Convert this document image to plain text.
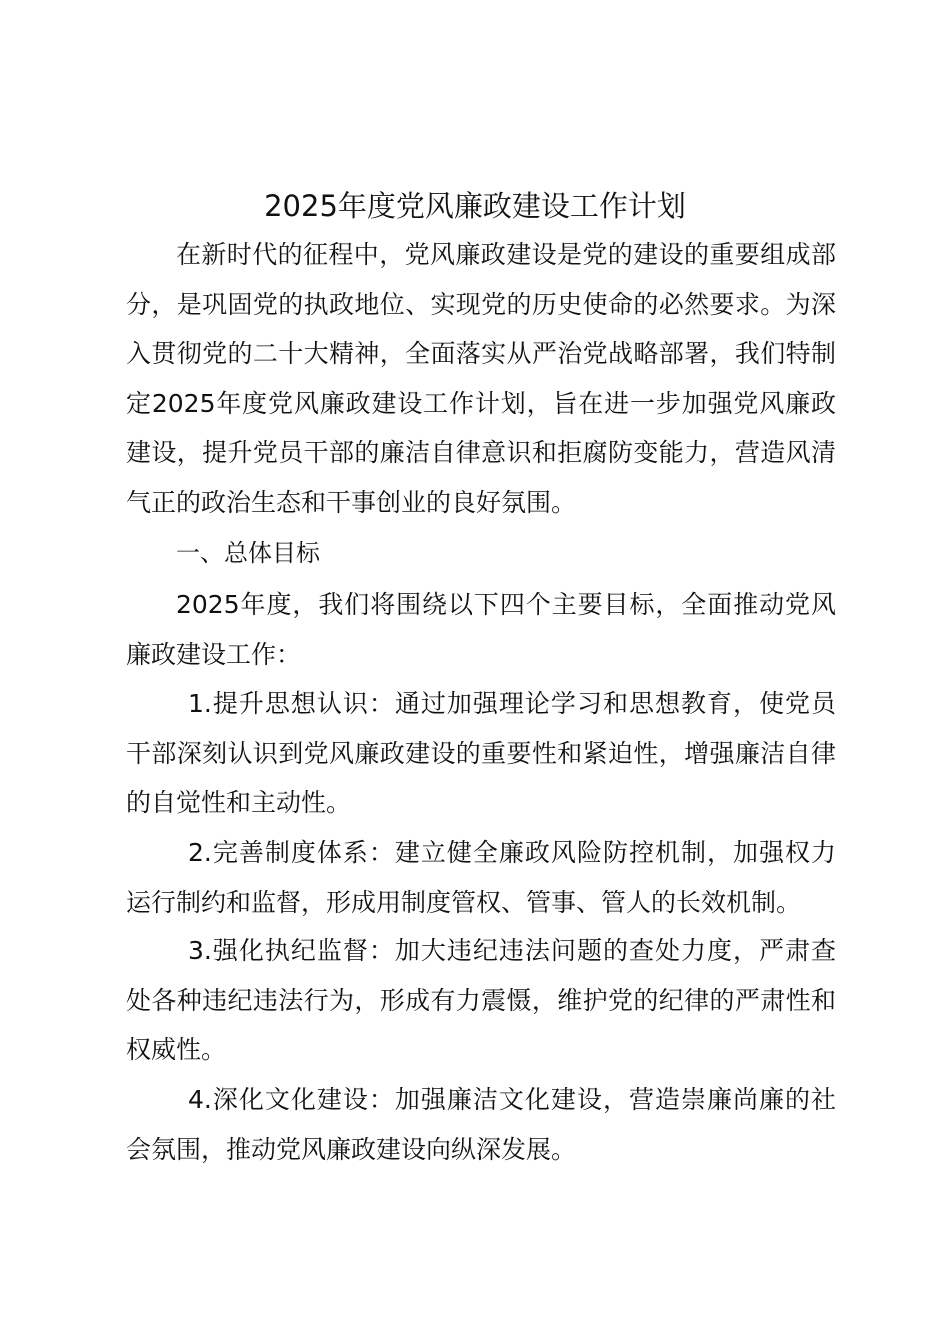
2025年度党风廉政建设工作计划
在新时代的征程中，党风廉政建设是党的建设的重要组成部分，是巩固党的执政地位、实现党的历史使命的必然要求。为深入贯彻党的二十大精神，全面落实从严治党战略部署，我们特制定2025年度党风廉政建设工作计划，旨在进一步加强党风廉政建设，提升党员干部的廉洁自律意识和拒腐防变能力，营造风清气正的政治生态和干事创业的良好氛围。
一、总体目标
2025年度，我们将围绕以下四个主要目标，全面推动党风廉政建设工作：
1.提升思想认识：通过加强理论学习和思想教育，使党员干部深刻认识到党风廉政建设的重要性和紧迫性，增强廉洁自律的自觉性和主动性。
2.完善制度体系：建立健全廉政风险防控机制，加强权力运行制约和监督，形成用制度管权、管事、管人的长效机制。
3.强化执纪监督：加大违纪违法问题的查处力度，严肃查处各种违纪违法行为，形成有力震慑，维护党的纪律的严肃性和权威性。
4.深化文化建设：加强廉洁文化建设，营造崇廉尚廉的社会氛围，推动党风廉政建设向纵深发展。
